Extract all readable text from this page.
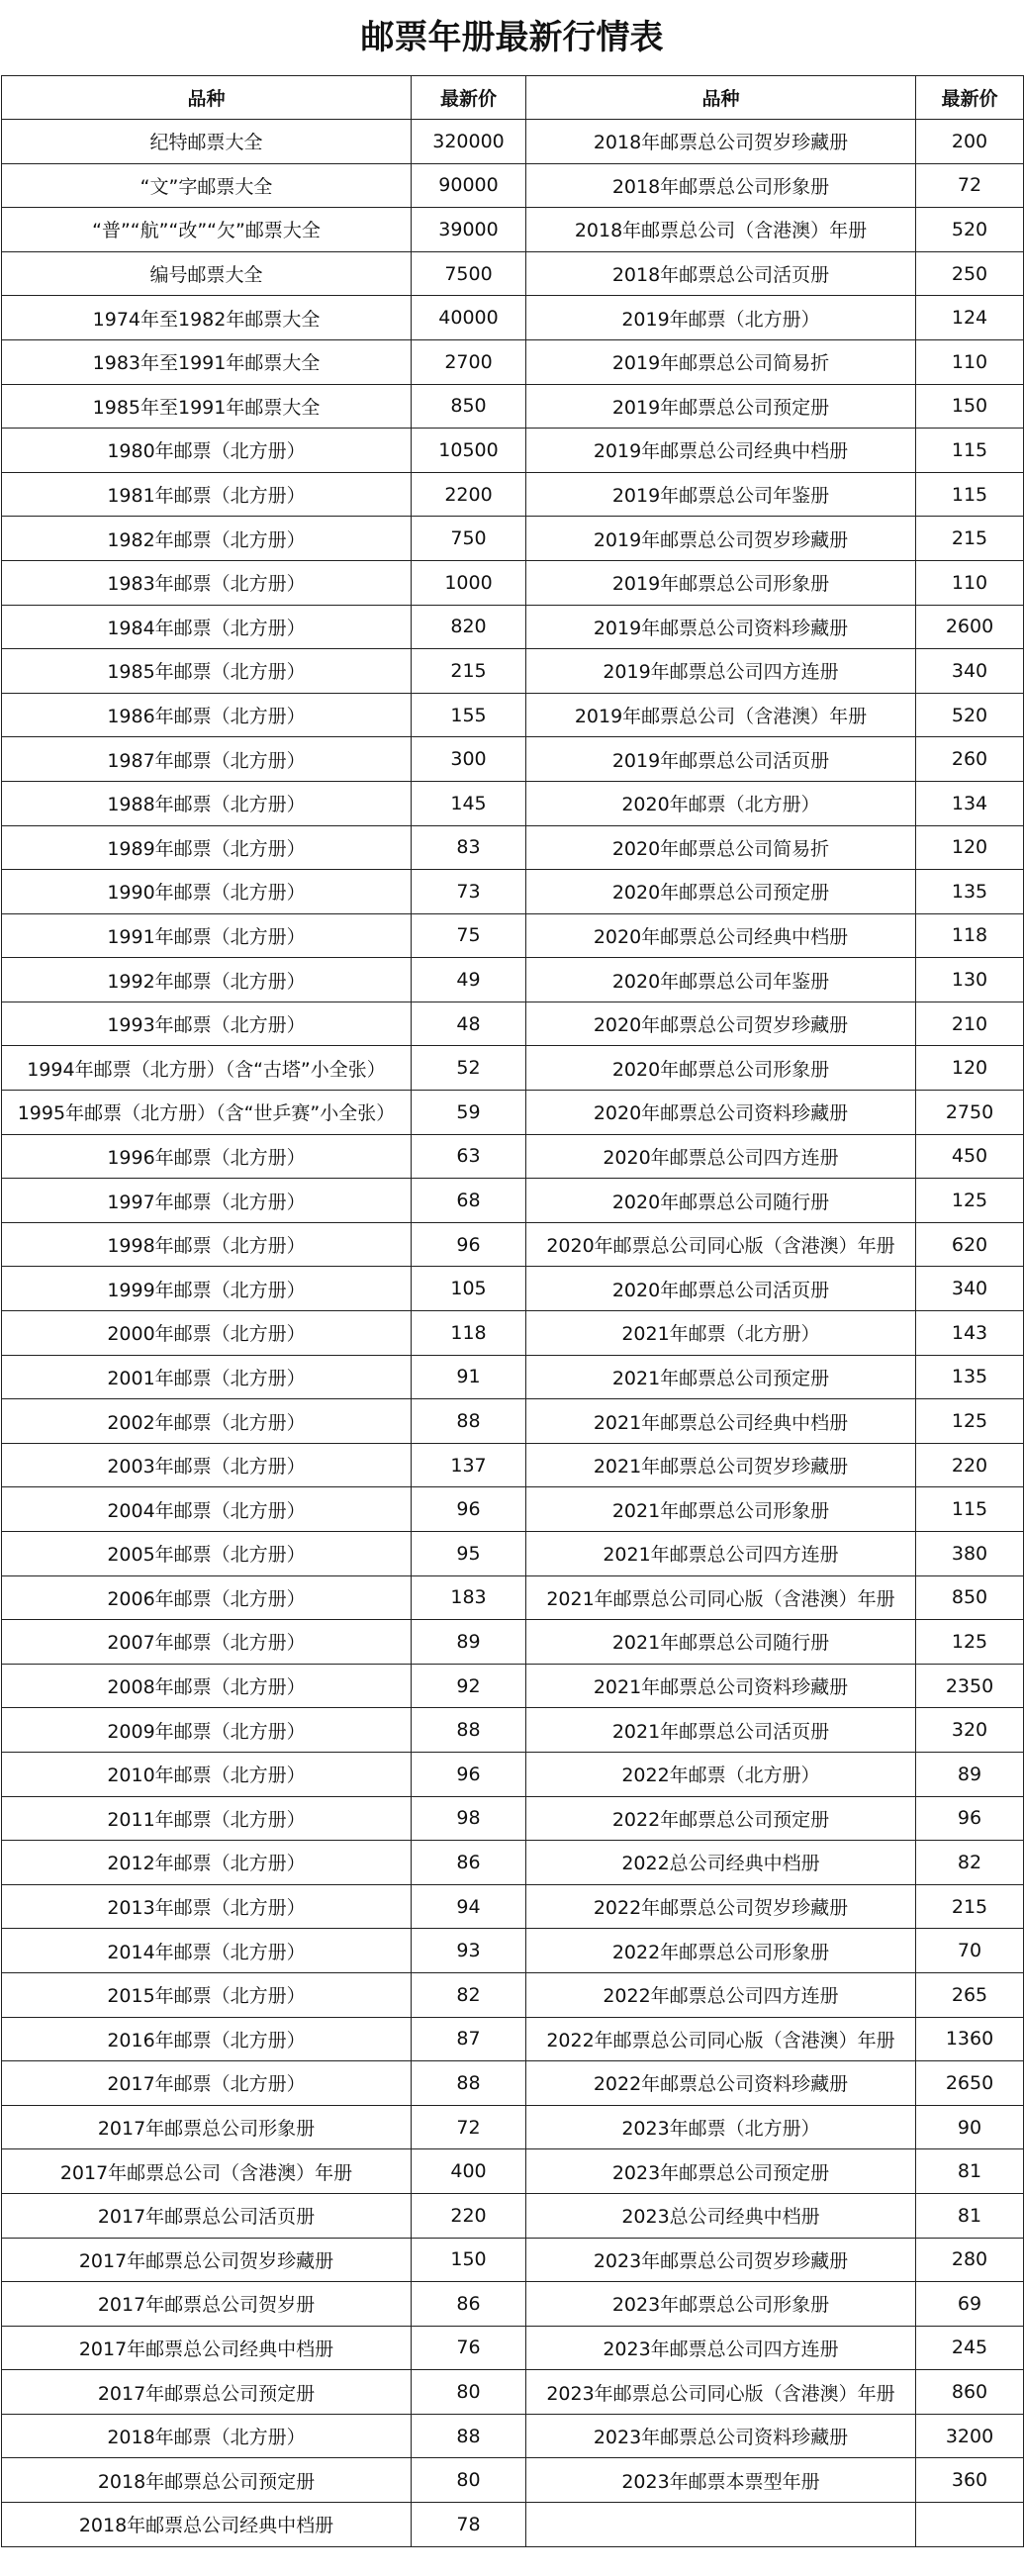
邮票年册最新行情表
品种	最新价	品种	最新价
纪特邮票大全	320000	2018年邮票总公司贺岁珍藏册	200
“文”字邮票大全	90000	2018年邮票总公司形象册	72
“普”“航”“改”“欠”邮票大全	39000	2018年邮票总公司（含港澳）年册	520
编号邮票大全	7500	2018年邮票总公司活页册	250
1974年至1982年邮票大全	40000	2019年邮票（北方册）	124
1983年至1991年邮票大全	2700	2019年邮票总公司简易折	110
1985年至1991年邮票大全	850	2019年邮票总公司预定册	150
1980年邮票（北方册）	10500	2019年邮票总公司经典中档册	115
1981年邮票（北方册）	2200	2019年邮票总公司年鉴册	115
1982年邮票（北方册）	750	2019年邮票总公司贺岁珍藏册	215
1983年邮票（北方册）	1000	2019年邮票总公司形象册	110
1984年邮票（北方册）	820	2019年邮票总公司资料珍藏册	2600
1985年邮票（北方册）	215	2019年邮票总公司四方连册	340
1986年邮票（北方册）	155	2019年邮票总公司（含港澳）年册	520
1987年邮票（北方册）	300	2019年邮票总公司活页册	260
1988年邮票（北方册）	145	2020年邮票（北方册）	134
1989年邮票（北方册）	83	2020年邮票总公司简易折	120
1990年邮票（北方册）	73	2020年邮票总公司预定册	135
1991年邮票（北方册）	75	2020年邮票总公司经典中档册	118
1992年邮票（北方册）	49	2020年邮票总公司年鉴册	130
1993年邮票（北方册）	48	2020年邮票总公司贺岁珍藏册	210
1994年邮票（北方册）（含“古塔”小全张）	52	2020年邮票总公司形象册	120
1995年邮票（北方册）（含“世乒赛”小全张）	59	2020年邮票总公司资料珍藏册	2750
1996年邮票（北方册）	63	2020年邮票总公司四方连册	450
1997年邮票（北方册）	68	2020年邮票总公司随行册	125
1998年邮票（北方册）	96	2020年邮票总公司同心版（含港澳）年册	620
1999年邮票（北方册）	105	2020年邮票总公司活页册	340
2000年邮票（北方册）	118	2021年邮票（北方册）	143
2001年邮票（北方册）	91	2021年邮票总公司预定册	135
2002年邮票（北方册）	88	2021年邮票总公司经典中档册	125
2003年邮票（北方册）	137	2021年邮票总公司贺岁珍藏册	220
2004年邮票（北方册）	96	2021年邮票总公司形象册	115
2005年邮票（北方册）	95	2021年邮票总公司四方连册	380
2006年邮票（北方册）	183	2021年邮票总公司同心版（含港澳）年册	850
2007年邮票（北方册）	89	2021年邮票总公司随行册	125
2008年邮票（北方册）	92	2021年邮票总公司资料珍藏册	2350
2009年邮票（北方册）	88	2021年邮票总公司活页册	320
2010年邮票（北方册）	96	2022年邮票（北方册）	89
2011年邮票（北方册）	98	2022年邮票总公司预定册	96
2012年邮票（北方册）	86	2022总公司经典中档册	82
2013年邮票（北方册）	94	2022年邮票总公司贺岁珍藏册	215
2014年邮票（北方册）	93	2022年邮票总公司形象册	70
2015年邮票（北方册）	82	2022年邮票总公司四方连册	265
2016年邮票（北方册）	87	2022年邮票总公司同心版（含港澳）年册	1360
2017年邮票（北方册）	88	2022年邮票总公司资料珍藏册	2650
2017年邮票总公司形象册	72	2023年邮票（北方册）	90
2017年邮票总公司（含港澳）年册	400	2023年邮票总公司预定册	81
2017年邮票总公司活页册	220	2023总公司经典中档册	81
2017年邮票总公司贺岁珍藏册	150	2023年邮票总公司贺岁珍藏册	280
2017年邮票总公司贺岁册	86	2023年邮票总公司形象册	69
2017年邮票总公司经典中档册	76	2023年邮票总公司四方连册	245
2017年邮票总公司预定册	80	2023年邮票总公司同心版（含港澳）年册	860
2018年邮票（北方册）	88	2023年邮票总公司资料珍藏册	3200
2018年邮票总公司预定册	80	2023年邮票本票型年册	360
2018年邮票总公司经典中档册	78		
